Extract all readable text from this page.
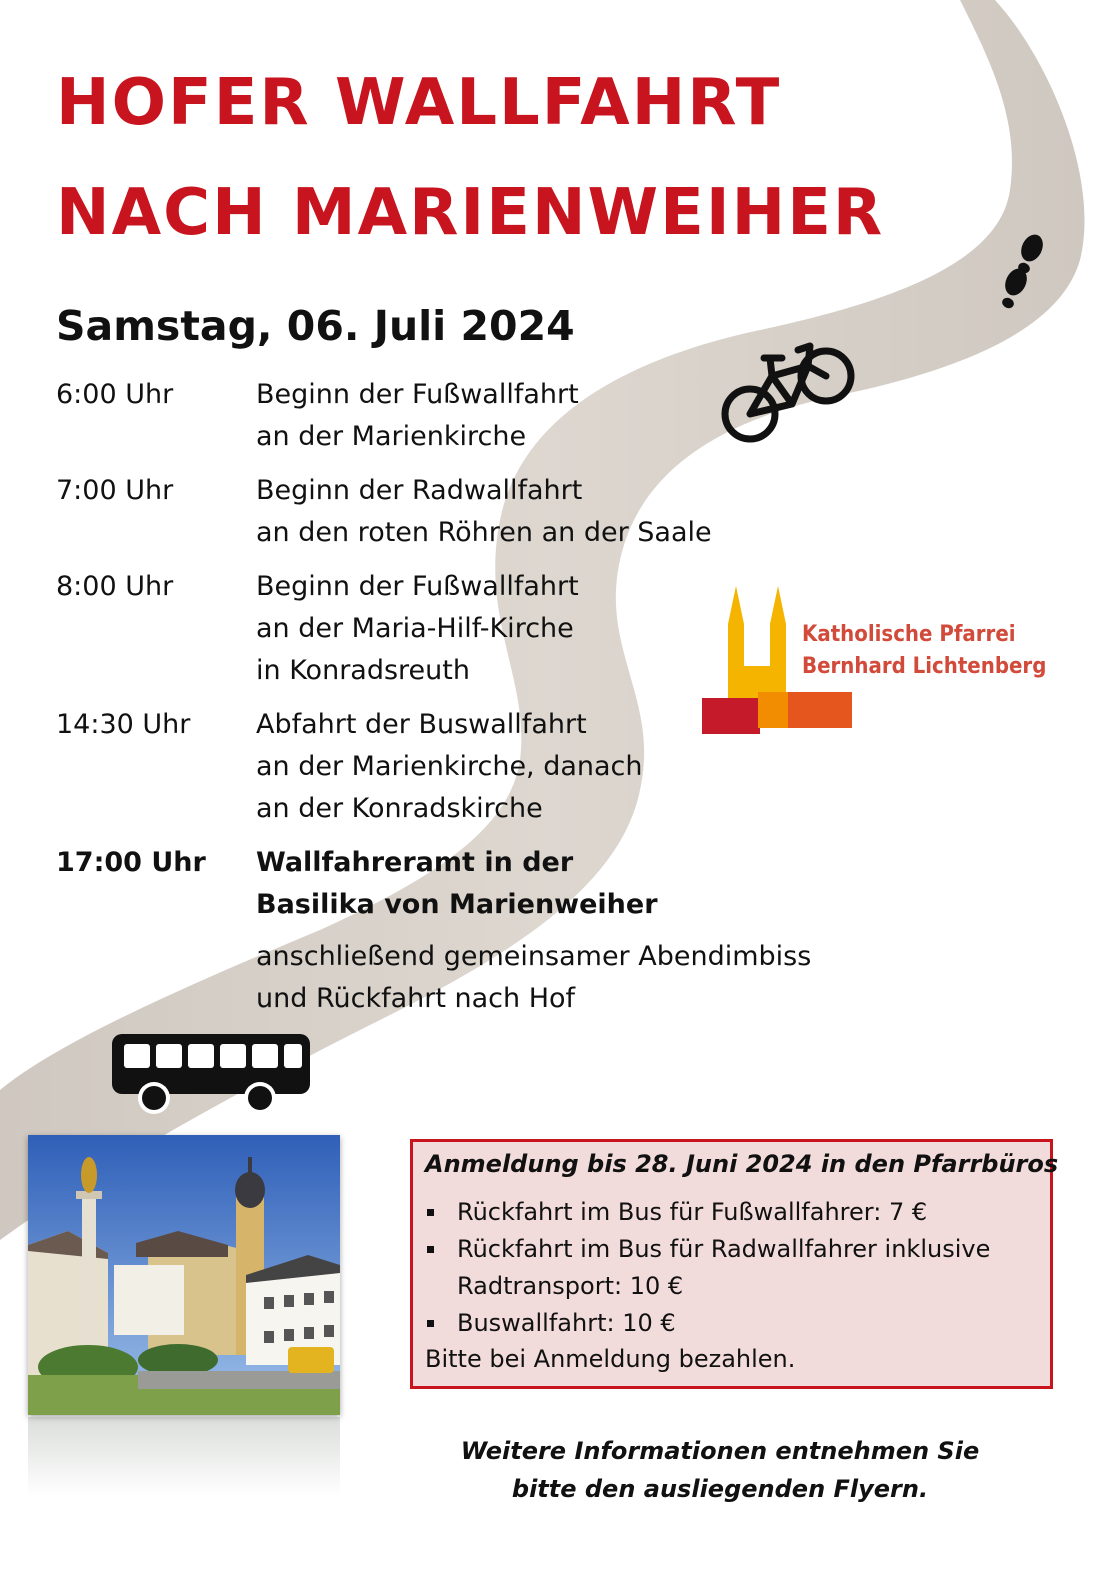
HOFER WALLFAHRT
NACH MARIENWEIHER
Samstag, 06. Juli 2024
6:00 Uhr	Beginn der Fußwallfahrt
an der Marienkirche
7:00 Uhr	Beginn der Radwallfahrt
an den roten Röhren an der Saale
8:00 Uhr	Beginn der Fußwallfahrt
an der Maria-Hilf-Kirche
in Konradsreuth
14:30 Uhr Abfahrt der Buswallfahrt
an der Marienkirche, danach
an der Konradskirche
17:00 Uhr Wallfahreramt in der
Basilika von Marienweiher
anschließend gemeinsamer Abendimbiss
und Rückfahrt nach Hof
Katholische Pfarrei
Bernhard Lichtenberg
Anmeldung bis 28. Juni 2024 in den Pfarrbüros
Rückfahrt im Bus für Fußwallfahrer: 7 €
Rückfahrt im Bus für Radwallfahrer inklusive
Radtransport: 10 €
Buswallfahrt: 10 €
Bitte bei Anmeldung bezahlen.
Weitere Informationen entnehmen Sie
bitte den ausliegenden Flyern.
